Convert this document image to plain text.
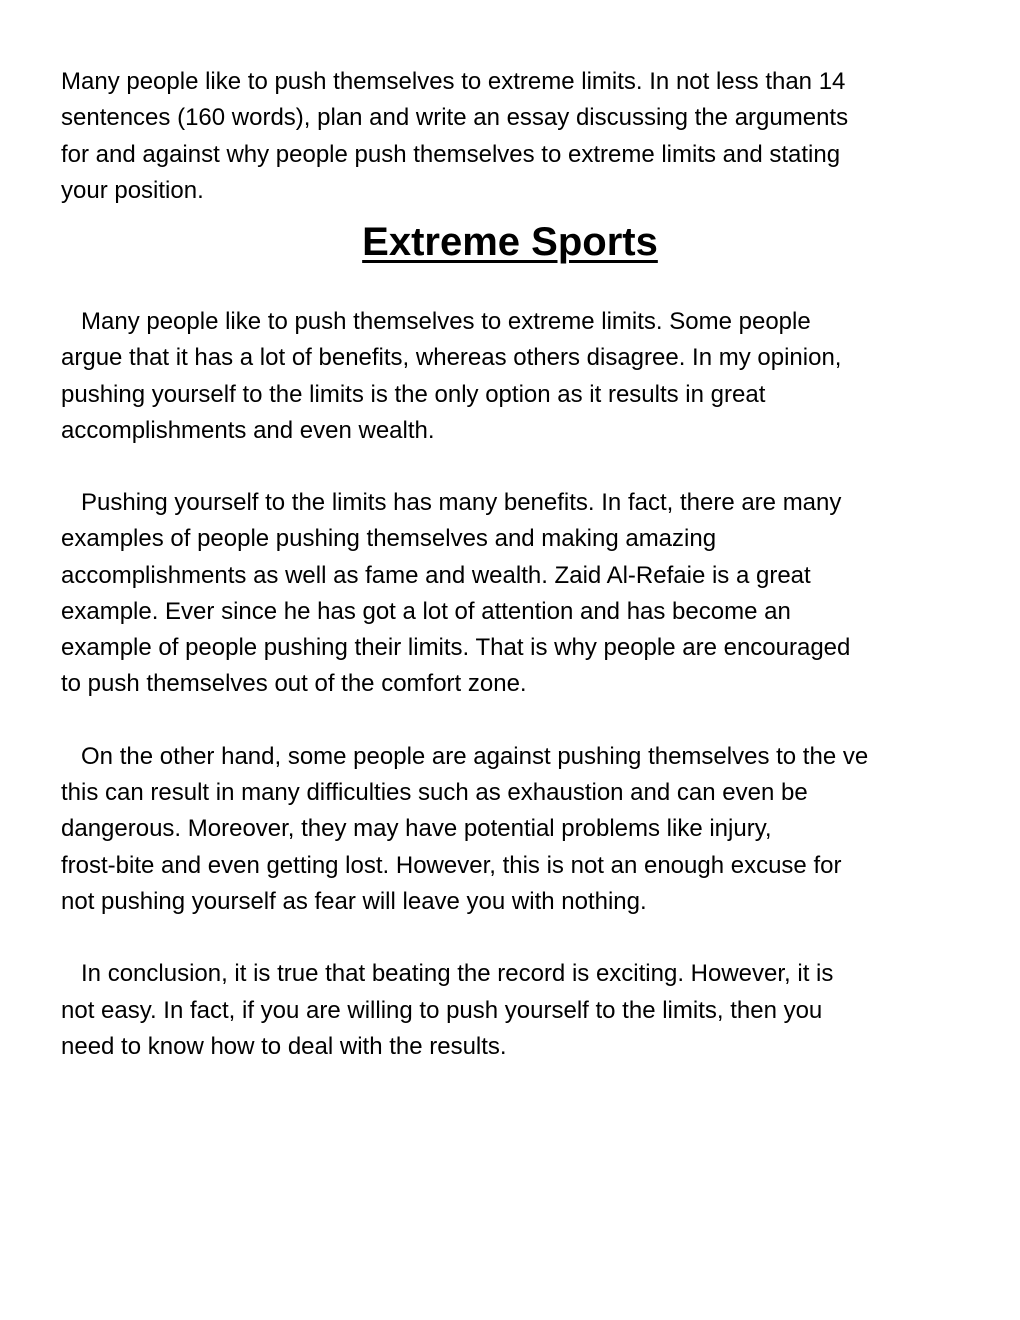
Many people like to push themselves to extreme limits. In not less than 14
sentences (160 words), plan and write an essay discussing the arguments
for and against why people push themselves to extreme limits and stating
your position.
Extreme Sports
Many people like to push themselves to extreme limits. Some people
argue that it has a lot of benefits, whereas others disagree. In my opinion,
pushing yourself to the limits is the only option as it results in great
accomplishments and even wealth.
Pushing yourself to the limits has many benefits. In fact, there are many
examples of people pushing themselves and making amazing
accomplishments as well as fame and wealth. Zaid Al-Refaie is a great
example. Ever since he has got a lot of attention and has become an
example of people pushing their limits. That is why people are encouraged
to push themselves out of the comfort zone.
On the other hand, some people are against pushing themselves to the ve
this can result in many difficulties such as exhaustion and can even be
dangerous. Moreover, they may have potential problems like injury,
frost-bite and even getting lost. However, this is not an enough excuse for
not pushing yourself as fear will leave you with nothing.
In conclusion, it is true that beating the record is exciting. However, it is
not easy. In fact, if you are willing to push yourself to the limits, then you
need to know how to deal with the results.
